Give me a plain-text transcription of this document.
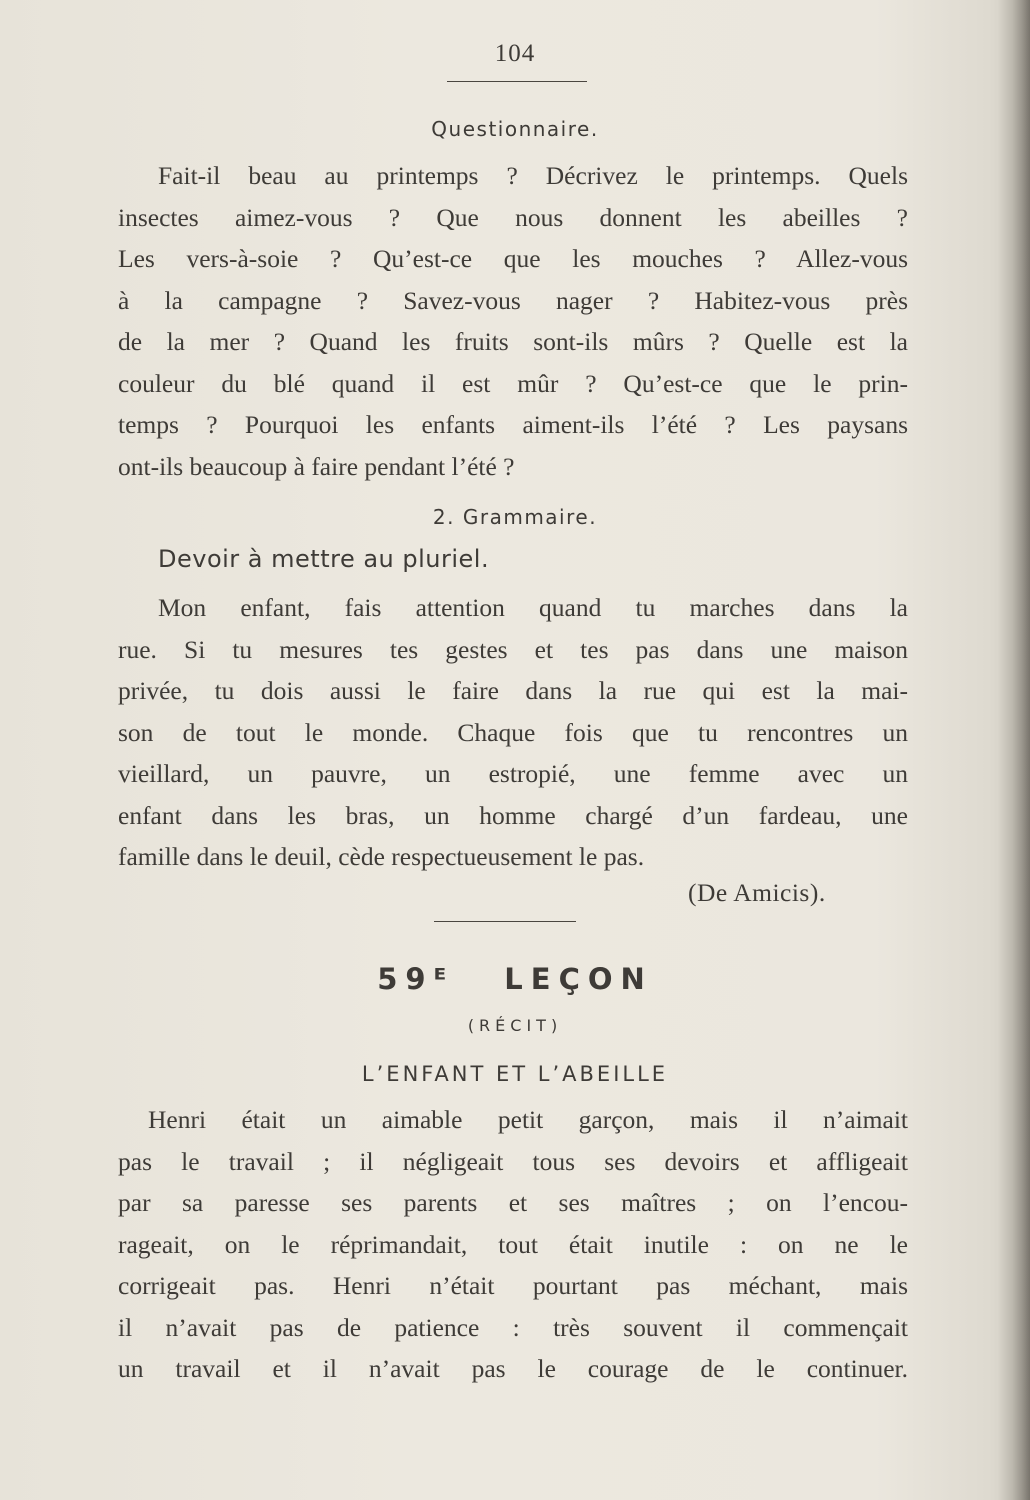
104
Questionnaire.
Fait-il beau au printemps ? Décrivez le printemps. Quels
insectes aimez-vous ? Que nous donnent les abeilles ?
Les vers-à-soie ? Qu’est-ce que les mouches ? Allez-vous
à la campagne ? Savez-vous nager ? Habitez-vous près
de la mer ? Quand les fruits sont-ils mûrs ? Quelle est la
couleur du blé quand il est mûr ? Qu’est-ce que le prin-
temps ? Pourquoi les enfants aiment-ils l’été ? Les paysans
ont-ils beaucoup à faire pendant l’été ?
2. Grammaire.
Devoir à mettre au pluriel.
Mon enfant, fais attention quand tu marches dans la
rue. Si tu mesures tes gestes et tes pas dans une maison
privée, tu dois aussi le faire dans la rue qui est la mai-
son de tout le monde. Chaque fois que tu rencontres un
vieillard, un pauvre, un estropié, une femme avec un
enfant dans les bras, un homme chargé d’un fardeau, une
famille dans le deuil, cède respectueusement le pas.
(De Amicis).
59ᴱ LEÇON
(RÉCIT)
L’ENFANT ET L’ABEILLE
Henri était un aimable petit garçon, mais il n’aimait
pas le travail ; il négligeait tous ses devoirs et affligeait
par sa paresse ses parents et ses maîtres ; on l’encou-
rageait, on le réprimandait, tout était inutile : on ne le
corrigeait pas. Henri n’était pourtant pas méchant, mais
il n’avait pas de patience : très souvent il commençait
un travail et il n’avait pas le courage de le continuer.
